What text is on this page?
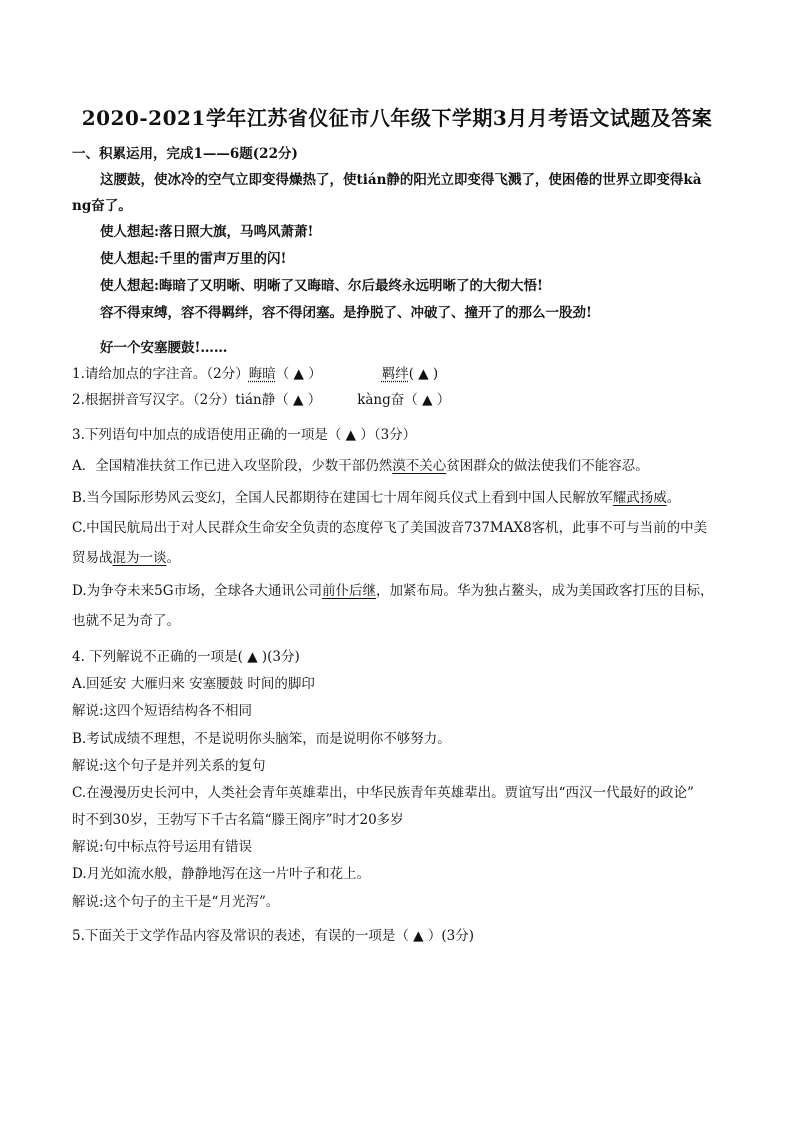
2020-2021学年江苏省仪征市八年级下学期3月月考语文试题及答案
一、积累运用，完成1——6题(22分)
这腰鼓，使冰冷的空气立即变得燥热了，使tián静的阳光立即变得飞溅了，使困倦的世界立即变得kà
ng奋了。
使人想起:落日照大旗，马鸣风萧萧!
使人想起:千里的雷声万里的闪!
使人想起:晦暗了又明晰、明晰了又晦暗、尔后最终永远明晰了的大彻大悟!
容不得束缚，容不得羁绊，容不得闭塞。是挣脱了、冲破了、撞开了的那么一股劲!
好一个安塞腰鼓!……
1.请给加点的字注音。（2分）晦暗（ ▲ ）	羁绊( ▲ )
2.根据拼音写汉字。（2分）tián静（ ▲ ）	kàng奋（ ▲ ）
3.下列语句中加点的成语使用正确的一项是（ ▲ ）（3分）
A．全国精准扶贫工作已进入攻坚阶段，少数干部仍然漠不关心贫困群众的做法使我们不能容忍。
B.当今国际形势风云变幻，全国人民都期待在建国七十周年阅兵仪式上看到中国人民解放军耀武扬威。
C.中国民航局出于对人民群众生命安全负责的态度停飞了美国波音737MAX8客机，此事不可与当前的中美
贸易战混为一谈。
D.为争夺未来5G市场，全球各大通讯公司前仆后继，加紧布局。华为独占鳌头，成为美国政客打压的目标，
也就不足为奇了。
4. 下列解说不正确的一项是( ▲ )(3分)
A.回延安 大雁归来 安塞腰鼓 时间的脚印
解说:这四个短语结构各不相同
B.考试成绩不理想，不是说明你头脑笨，而是说明你不够努力。
解说:这个句子是并列关系的复句
C.在漫漫历史长河中，人类社会青年英雄辈出，中华民族青年英雄辈出。贾谊写出“西汉一代最好的政论”
时不到30岁，王勃写下千古名篇“滕王阁序”时才20多岁
解说:句中标点符号运用有错误
D.月光如流水般，静静地泻在这一片叶子和花上。
解说:这个句子的主干是“月光泻”。
5.下面关于文学作品内容及常识的表述，有误的一项是（ ▲ ）(3分)
